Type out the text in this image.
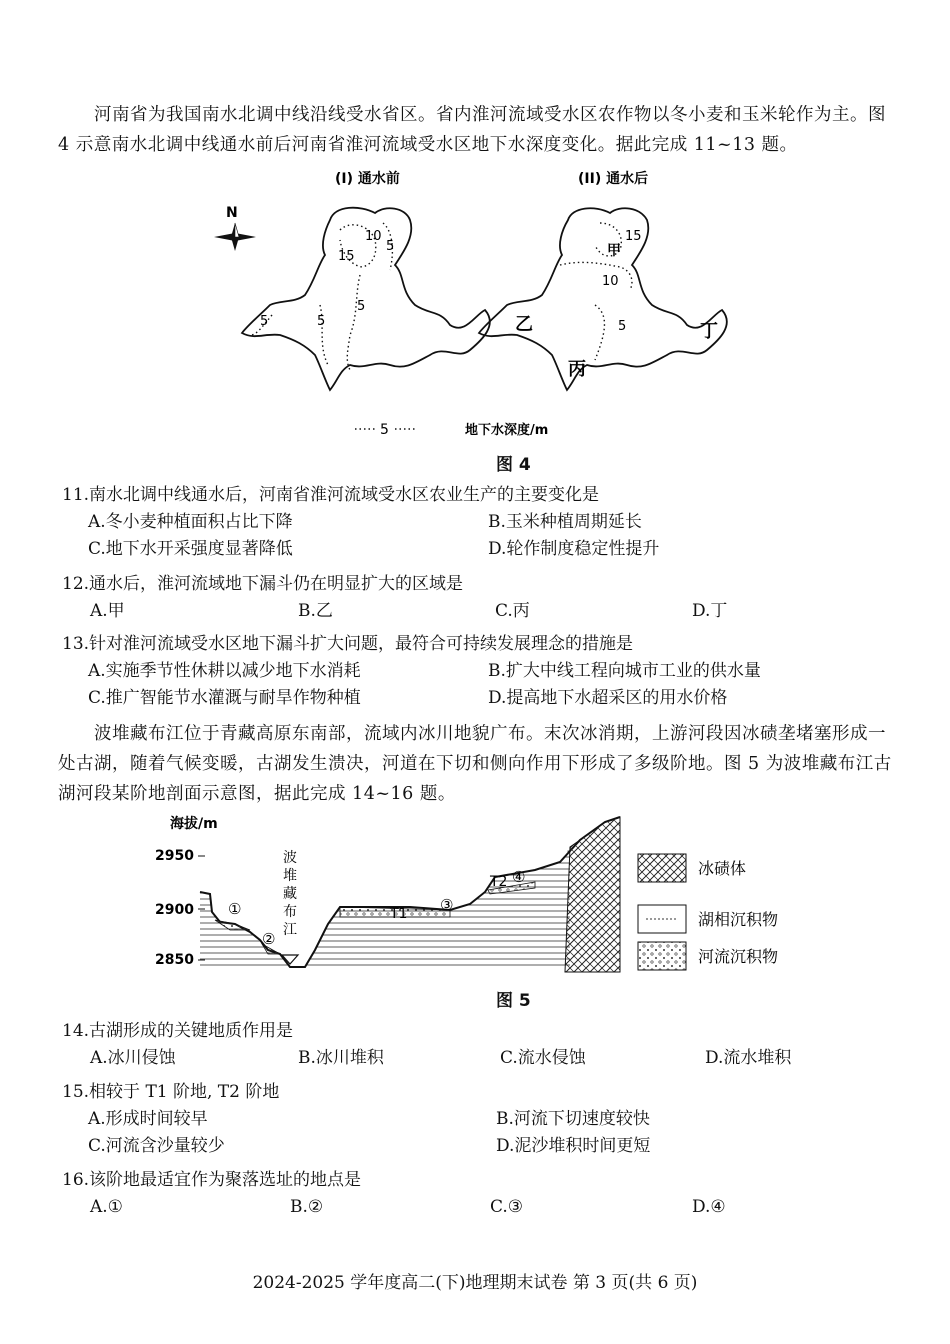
河南省为我国南水北调中线沿线受水省区。省内淮河流域受水区农作物以冬小麦和玉米轮作为主。图 4 示意南水北调中线通水前后河南省淮河流域受水区地下水深度变化。据此完成 11~13 题。
(I) 通水前	(II) 通水后
N
10
15
5
5
5
5
15
甲
10
5
乙
丙
丁
5	地下水深度/m
图 4
11.南水北调中线通水后，河南省淮河流域受水区农业生产的主要变化是
A.冬小麦种植面积占比下降	B.玉米种植周期延长
C.地下水开采强度显著降低	D.轮作制度稳定性提升
12.通水后，淮河流域地下漏斗仍在明显扩大的区域是
A.甲	B.乙	C.丙	D.丁
13.针对淮河流域受水区地下漏斗扩大问题，最符合可持续发展理念的措施是
A.实施季节性休耕以减少地下水消耗	B.扩大中线工程向城市工业的供水量
C.推广智能节水灌溉与耐旱作物种植	D.提高地下水超采区的用水价格
波堆藏布江位于青藏高原东南部，流域内冰川地貌广布。末次冰消期，上游河段因冰碛垄堵塞形成一处古湖，随着气候变暖，古湖发生溃决，河道在下切和侧向作用下形成了多级阶地。图 5 为波堆藏布江古湖河段某阶地剖面示意图，据此完成 14~16 题。
海拔/m
2950
2900
2850
波
堆
藏
布
江
①
②
③
④
T1
T2
冰碛体
湖相沉积物
河流沉积物
图 5
14.古湖形成的关键地质作用是
A.冰川侵蚀	B.冰川堆积	C.流水侵蚀	D.流水堆积
15.相较于 T1 阶地, T2 阶地
A.形成时间较早	B.河流下切速度较快
C.河流含沙量较少	D.泥沙堆积时间更短
16.该阶地最适宜作为聚落选址的地点是
A.①	B.②	C.③	D.④
2024-2025 学年度高二(下)地理期末试卷 第 3 页(共 6 页)
